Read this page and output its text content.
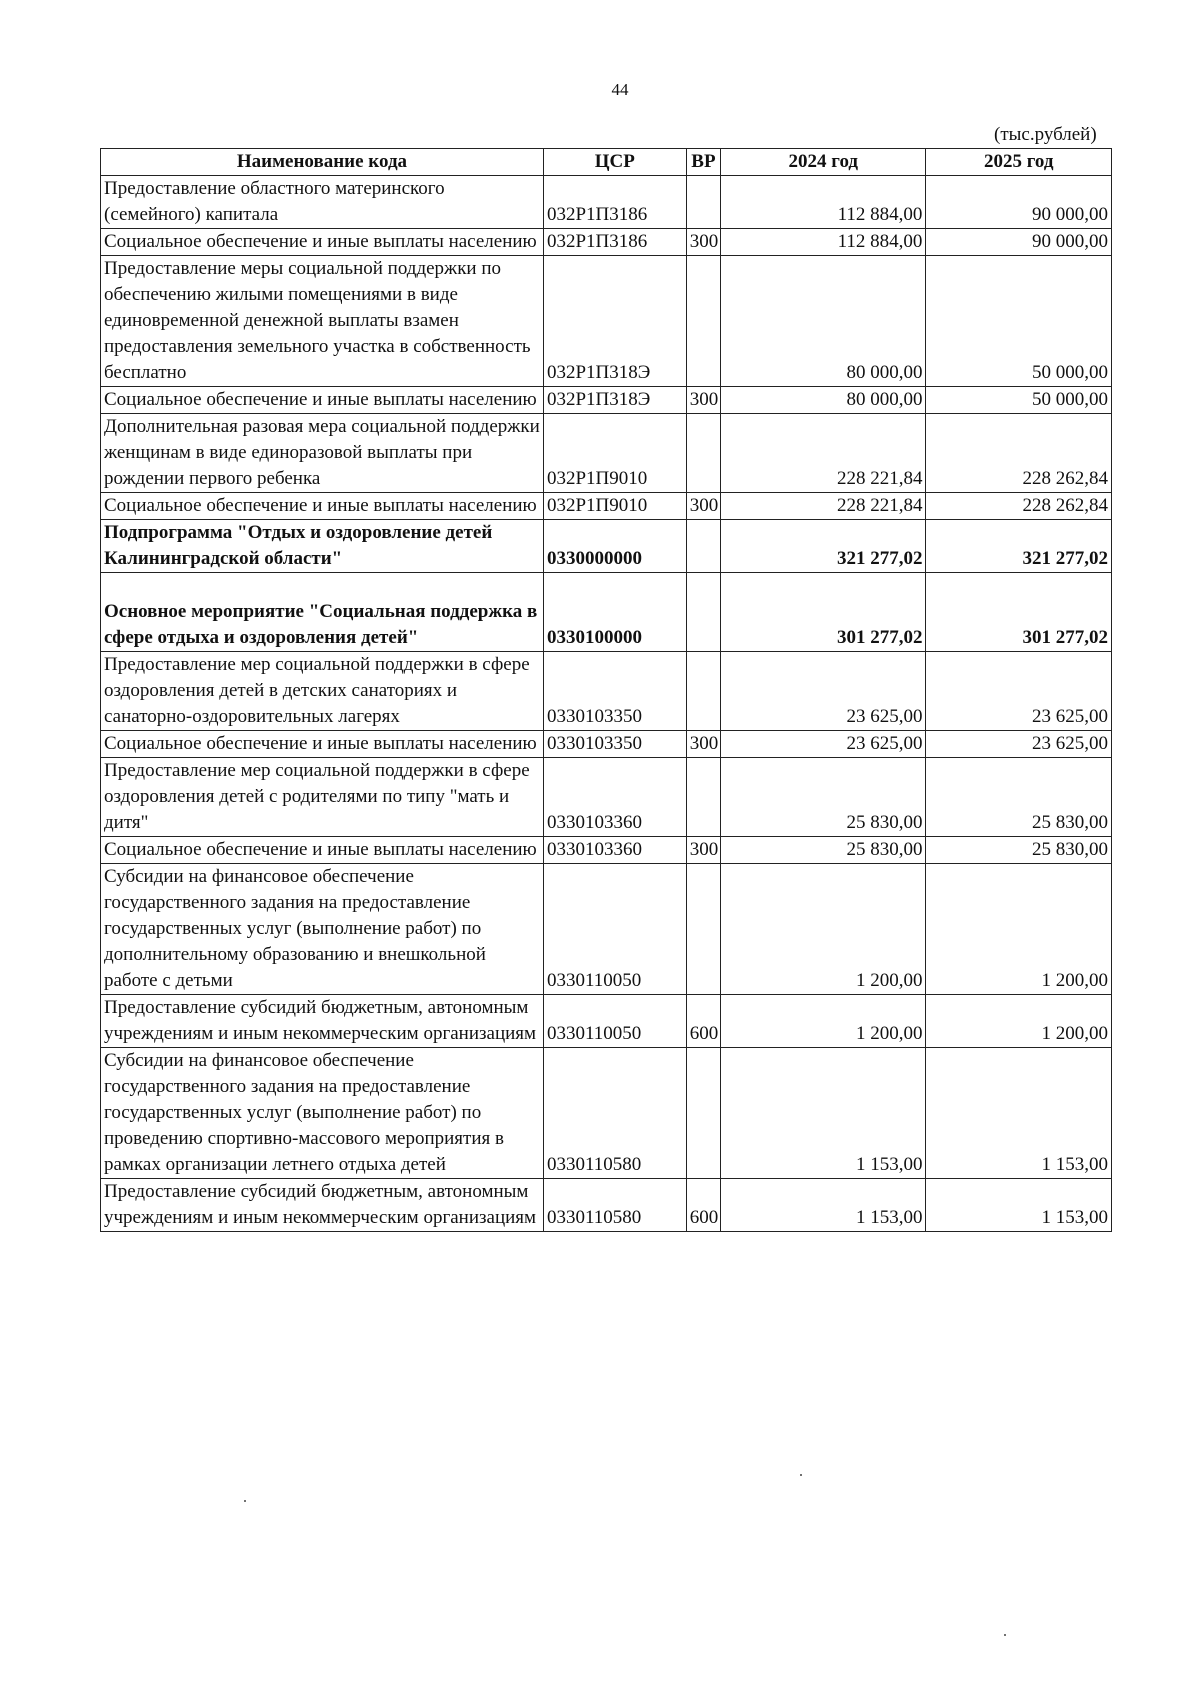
44
(тыс.рублей)
Наименование кода	ЦСР	ВР	2024 год	2025 год
Предоставление областного материнского (семейного) капитала	032Р1П3186		112 884,00	90 000,00
Социальное обеспечение и иные выплаты населению	032Р1П3186	300	112 884,00	90 000,00
Предоставление меры социальной поддержки по обеспечению жилыми помещениями в виде единовременной денежной выплаты взамен предоставления земельного участка в собственность бесплатно	032Р1П318Э		80 000,00	50 000,00
Социальное обеспечение и иные выплаты населению	032Р1П318Э	300	80 000,00	50 000,00
Дополнительная разовая мера социальной поддержки женщинам в виде единоразовой выплаты при рождении первого ребенка	032Р1П9010		228 221,84	228 262,84
Социальное обеспечение и иные выплаты населению	032Р1П9010	300	228 221,84	228 262,84
Подпрограмма "Отдых и оздоровление детей Калининградской области"	0330000000		321 277,02	321 277,02
Основное мероприятие "Социальная поддержка в сфере отдыха и оздоровления детей"	0330100000		301 277,02	301 277,02
Предоставление мер социальной поддержки в сфере оздоровления детей в детских санаториях и санаторно-оздоровительных лагерях	0330103350		23 625,00	23 625,00
Социальное обеспечение и иные выплаты населению	0330103350	300	23 625,00	23 625,00
Предоставление мер социальной поддержки в сфере оздоровления детей с родителями по типу "мать и дитя"	0330103360		25 830,00	25 830,00
Социальное обеспечение и иные выплаты населению	0330103360	300	25 830,00	25 830,00
Субсидии на финансовое обеспечение государственного задания на предоставление государственных услуг (выполнение работ) по дополнительному образованию и внешкольной работе с детьми	0330110050		1 200,00	1 200,00
Предоставление субсидий бюджетным, автономным учреждениям и иным некоммерческим организациям	0330110050	600	1 200,00	1 200,00
Субсидии на финансовое обеспечение государственного задания на предоставление государственных услуг (выполнение работ) по проведению спортивно-массового мероприятия в рамках организации летнего отдыха детей	0330110580		1 153,00	1 153,00
Предоставление субсидий бюджетным, автономным учреждениям и иным некоммерческим организациям	0330110580	600	1 153,00	1 153,00
